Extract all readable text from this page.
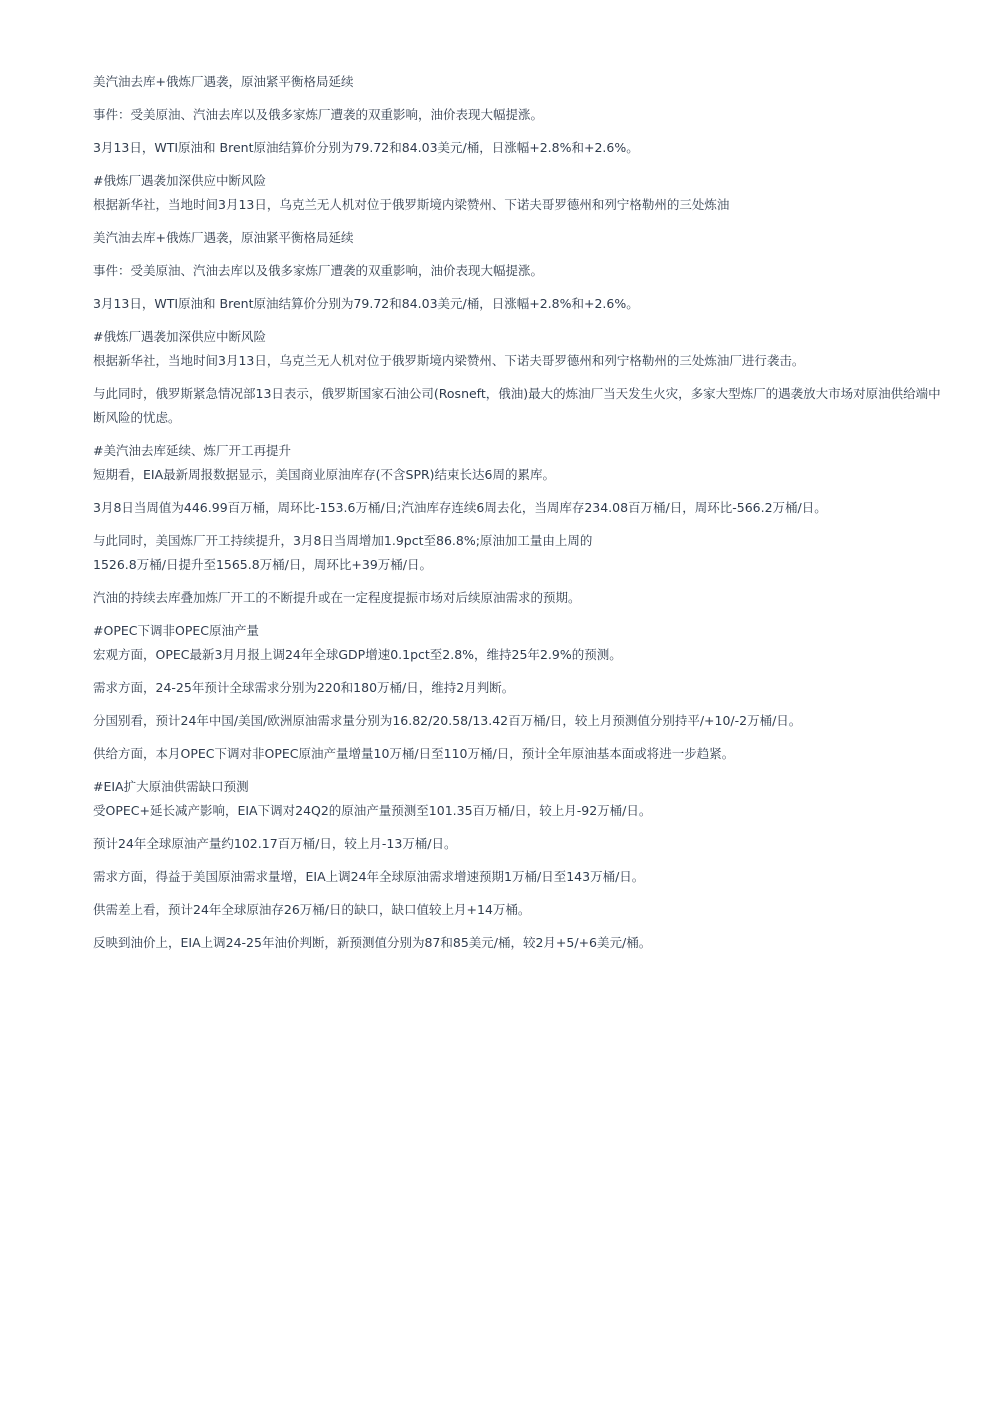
美汽油去库+俄炼厂遇袭，原油紧平衡格局延续

事件：受美原油、汽油去库以及俄多家炼厂遭袭的双重影响，油价表现大幅提涨。

3月13日，WTI原油和 Brent原油结算价分别为79.72和84.03美元/桶，日涨幅+2.8%和+2.6%。

#俄炼厂遇袭加深供应中断风险

根据新华社，当地时间3月13日，乌克兰无人机对位于俄罗斯境内梁赞州、下诺夫哥罗德州和列宁格勒州的三处炼油

美汽油去库+俄炼厂遇袭，原油紧平衡格局延续

事件：受美原油、汽油去库以及俄多家炼厂遭袭的双重影响，油价表现大幅提涨。

3月13日，WTI原油和 Brent原油结算价分别为79.72和84.03美元/桶，日涨幅+2.8%和+2.6%。

#俄炼厂遇袭加深供应中断风险

根据新华社，当地时间3月13日，乌克兰无人机对位于俄罗斯境内梁赞州、下诺夫哥罗德州和列宁格勒州的三处炼油厂进行袭击。

与此同时，俄罗斯紧急情况部13日表示，俄罗斯国家石油公司(Rosneft，俄油)最大的炼油厂当天发生火灾，多家大型炼厂的遇袭放大市场对原油供给端中断风险的忧虑。

#美汽油去库延续、炼厂开工再提升

短期看，EIA最新周报数据显示，美国商业原油库存(不含SPR)结束长达6周的累库。

3月8日当周值为446.99百万桶，周环比-153.6万桶/日;汽油库存连续6周去化，当周库存234.08百万桶/日，周环比-566.2万桶/日。

与此同时，美国炼厂开工持续提升，3月8日当周增加1.9pct至86.8%;原油加工量由上周的

1526.8万桶/日提升至1565.8万桶/日，周环比+39万桶/日。

汽油的持续去库叠加炼厂开工的不断提升或在一定程度提振市场对后续原油需求的预期。

#OPEC下调非OPEC原油产量

宏观方面，OPEC最新3月月报上调24年全球GDP增速0.1pct至2.8%，维持25年2.9%的预测。

需求方面，24-25年预计全球需求分别为220和180万桶/日，维持2月判断。

分国别看，预计24年中国/美国/欧洲原油需求量分别为16.82/20.58/13.42百万桶/日，较上月预测值分别持平/+10/-2万桶/日。

供给方面，本月OPEC下调对非OPEC原油产量增量10万桶/日至110万桶/日，预计全年原油基本面或将进一步趋紧。

#EIA扩大原油供需缺口预测

受OPEC+延长减产影响，EIA下调对24Q2的原油产量预测至101.35百万桶/日，较上月-92万桶/日。

预计24年全球原油产量约102.17百万桶/日，较上月-13万桶/日。

需求方面，得益于美国原油需求量增，EIA上调24年全球原油需求增速预期1万桶/日至143万桶/日。

供需差上看，预计24年全球原油存26万桶/日的缺口，缺口值较上月+14万桶。

反映到油价上，EIA上调24-25年油价判断，新预测值分别为87和85美元/桶，较2月+5/+6美元/桶。
